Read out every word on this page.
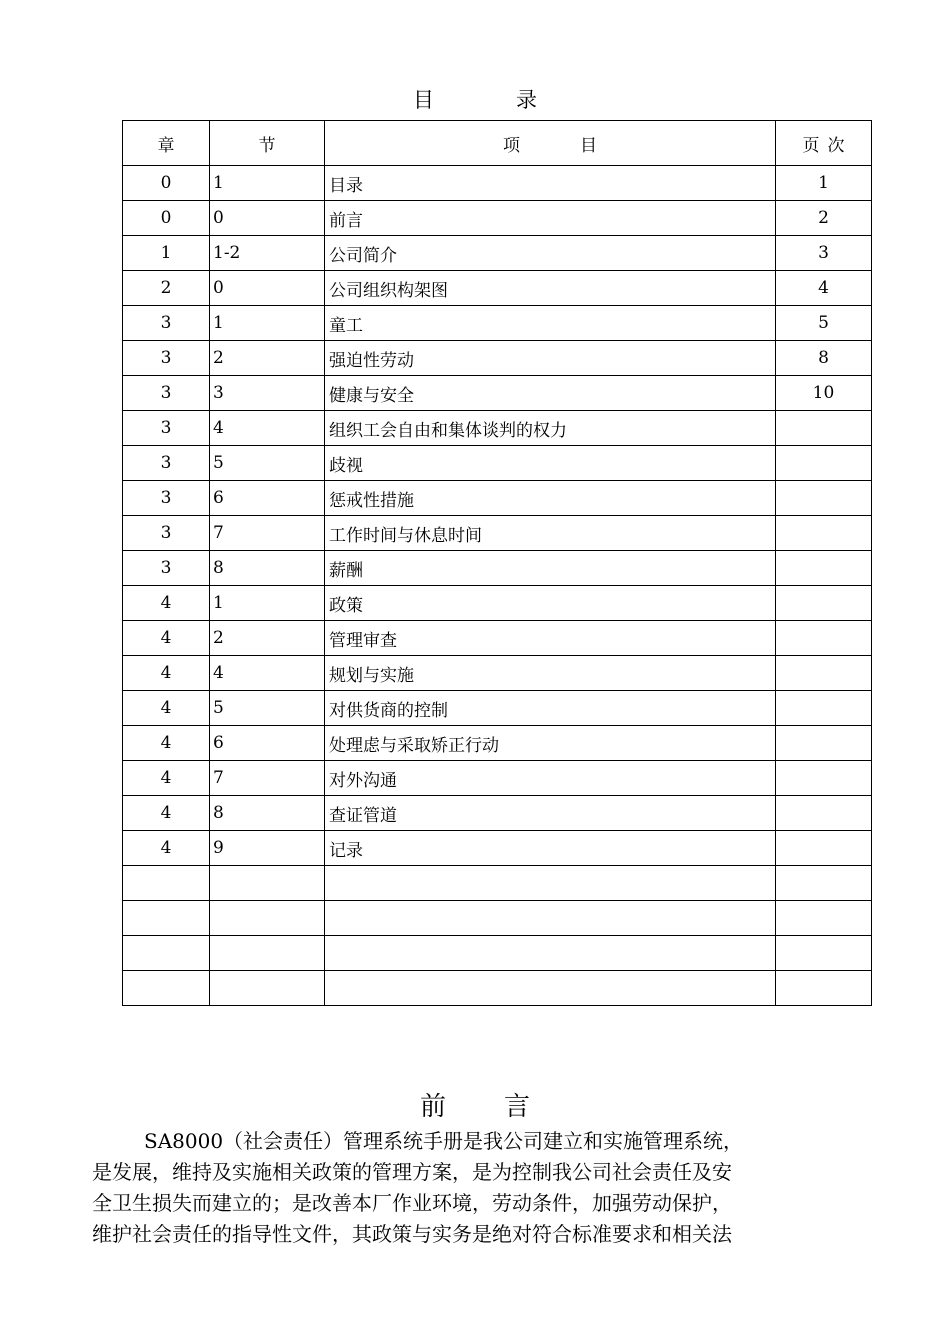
目	录
章	节	项 目	页 次
0	1	目录	1
0	0	前言	2
1	1-2	公司简介	3
2	0	公司组织构架图	4
3	1	童工	5
3	2	强迫性劳动	8
3	3	健康与安全	10
3	4	组织工会自由和集体谈判的权力	
3	5	歧视	
3	6	惩戒性措施	
3	7	工作时间与休息时间	
3	8	薪酬	
4	1	政策	
4	2	管理审查	
4	4	规划与实施	
4	5	对供货商的控制	
4	6	处理虑与采取矫正行动	
4	7	对外沟通	
4	8	查证管道	
4	9	记录	

前 言
SA8000（社会责任）管理系统手册是我公司建立和实施管理系统，
是发展，维持及实施相关政策的管理方案，是为控制我公司社会责任及安
全卫生损失而建立的；是改善本厂作业环境，劳动条件，加强劳动保护，
维护社会责任的指导性文件，其政策与实务是绝对符合标准要求和相关法
